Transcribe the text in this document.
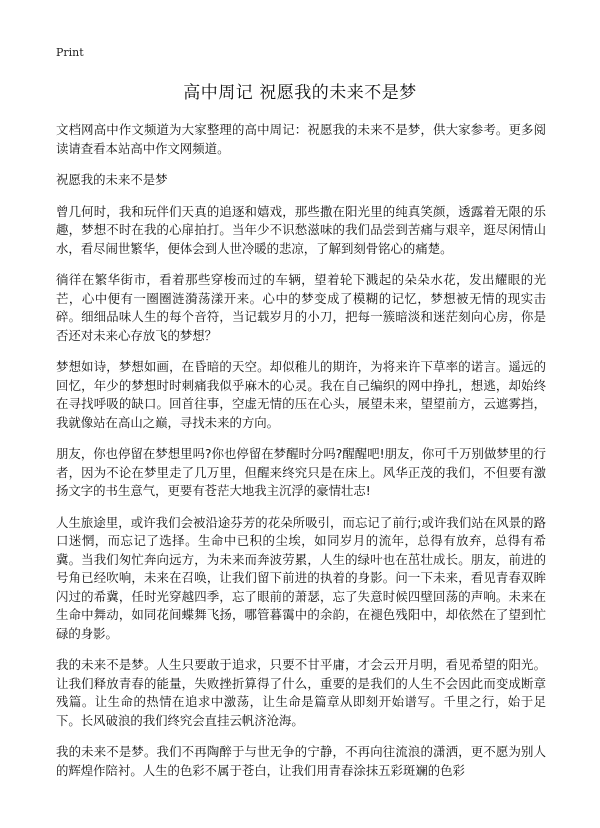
Print
高中周记 祝愿我的未来不是梦

文档网高中作文频道为大家整理的高中周记：祝愿我的未来不是梦，供大家参考。更多阅读请查看本站高中作文网频道。

祝愿我的未来不是梦

曾几何时，我和玩伴们天真的追逐和嬉戏，那些撒在阳光里的纯真笑颜，透露着无限的乐趣，梦想不时在我的心扉拍打。当年少不识愁滋味的我们品尝到苦痛与艰辛，逛尽闲情山水，看尽闹世繁华，便体会到人世冷暖的悲凉，了解到刻骨铭心的痛楚。

徜徉在繁华街市，看着那些穿梭而过的车辆，望着轮下溅起的朵朵水花，发出耀眼的光芒，心中便有一圈圈涟漪荡漾开来。心中的梦变成了模糊的记忆，梦想被无情的现实击碎。细细品味人生的每个音符，当记载岁月的小刀，把每一簇暗淡和迷茫刻向心房，你是否还对未来心存放飞的梦想？

梦想如诗，梦想如画，在昏暗的天空。却似稚儿的期许，为将来许下草率的诺言。遥远的回忆，年少的梦想时时刺痛我似乎麻木的心灵。我在自己编织的网中挣扎，想逃，却始终在寻找呼吸的缺口。回首往事，空虚无情的压在心头，展望未来，望望前方，云遮雾挡，我就像站在高山之巅，寻找未来的方向。

朋友，你也停留在梦想里吗?你也停留在梦醒时分吗?醒醒吧!朋友，你可千万别做梦里的行者，因为不论在梦里走了几万里，但醒来终究只是在床上。风华正茂的我们，不但要有激扬文字的书生意气，更要有苍茫大地我主沉浮的豪情壮志!

人生旅途里，或许我们会被沿途芬芳的花朵所吸引，而忘记了前行;或许我们站在风景的路口迷惘，而忘记了选择。生命中已积的尘埃，如同岁月的流年，总得有放弃，总得有希冀。当我们匆忙奔向远方，为未来而奔波劳累，人生的绿叶也在茁壮成长。朋友，前进的号角已经吹响，未来在召唤，让我们留下前进的执着的身影。问一下未来，看见青春双眸闪过的希冀，任时光穿越四季，忘了眼前的萧瑟，忘了失意时候四壁回荡的声响。未来在生命中舞动，如同花间蝶舞飞扬，哪管暮霭中的余韵，在褪色残阳中，却依然在了望到忙碌的身影。

我的未来不是梦。人生只要敢于追求，只要不甘平庸，才会云开月明，看见希望的阳光。让我们释放青春的能量，失败挫折算得了什么，重要的是我们的人生不会因此而变成断章残篇。让生命的热情在追求中激荡，让生命是篇章从即刻开始谱写。千里之行，始于足下。长风破浪的我们终究会直挂云帆济沧海。

我的未来不是梦。我们不再陶醉于与世无争的宁静，不再向往流浪的潇洒，更不愿为别人的辉煌作陪衬。人生的色彩不属于苍白，让我们用青春涂抹五彩斑斓的色彩
